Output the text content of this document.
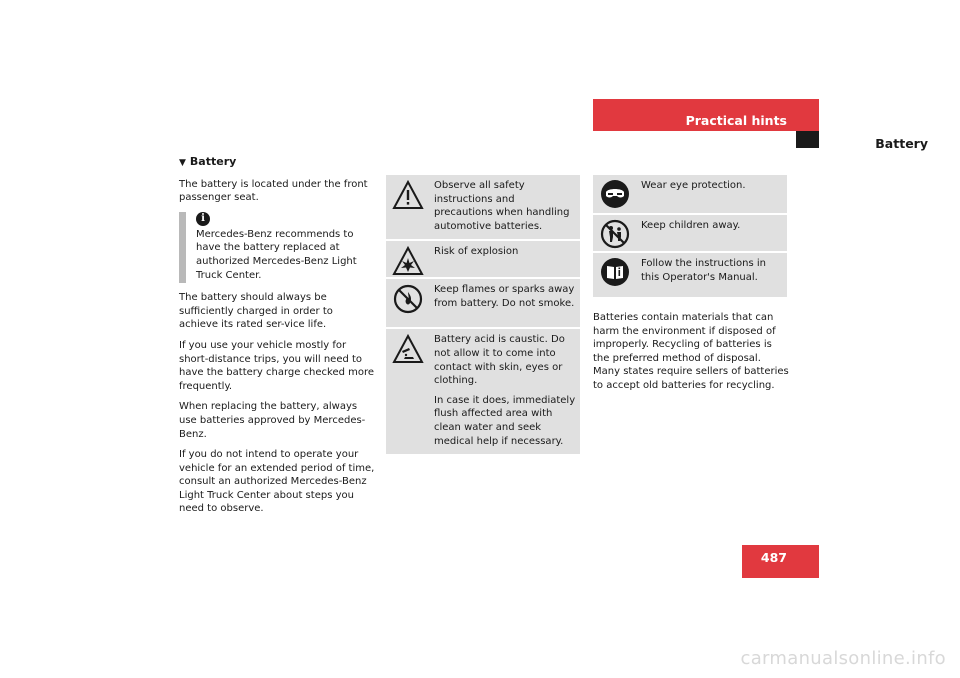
Practical hints
Battery
▼ Battery

The battery is located under the front passenger seat.

i

Mercedes-Benz recommends to have the battery replaced at authorized Mercedes-Benz Light Truck Center.

The battery should always be sufficiently charged in order to achieve its rated ser-vice life.

If you use your vehicle mostly for short-distance trips, you will need to have the battery charge checked more frequently.

When replacing the battery, always use batteries approved by Mercedes-Benz.

If you do not intend to operate your vehicle for an extended period of time, consult an authorized Mercedes-Benz Light Truck Center about steps you need to observe.

Observe all safety instructions and precautions when handling automotive batteries.

Risk of explosion

Keep flames or sparks away from battery. Do not smoke.

Battery acid is caustic. Do not allow it to come into contact with skin, eyes or clothing.

In case it does, immediately flush affected area with clean water and seek medical help if necessary.

Wear eye protection.

Keep children away.

Follow the instructions in this Operator's Manual.

Batteries contain materials that can harm the environment if disposed of improperly. Recycling of batteries is the preferred method of disposal. Many states require sellers of batteries to accept old batteries for recycling.

487
carmanualsonline.info
